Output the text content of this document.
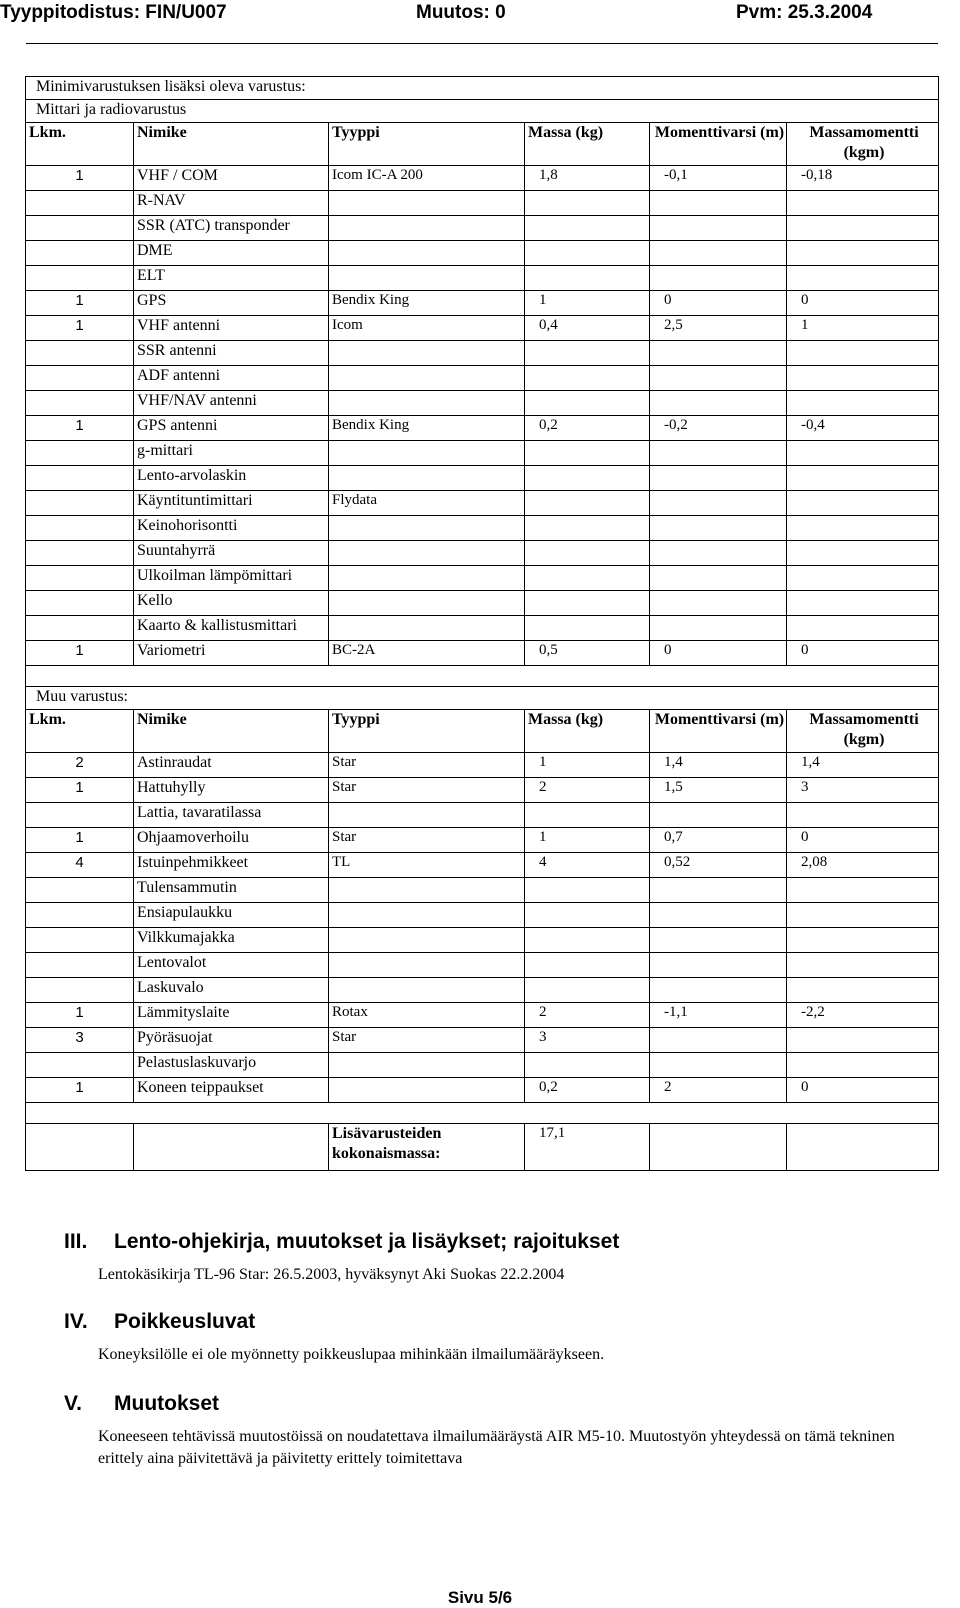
Tyyppitodistus: FIN/U007	Muutos: 0	Pvm: 25.3.2004
Minimivarustuksen lisäksi oleva varustus:					
Mittari ja radiovarustus					
Lkm.	Nimike	Tyyppi	Massa (kg)	Momenttivarsi (m)	Massamomentti (kgm)
1	VHF / COM	Icom IC-A 200	1,8	-0,1	-0,18
	R-NAV				
	SSR (ATC) transponder				
	DME				
	ELT				
1	GPS	Bendix King	1	0	0
1	VHF antenni	Icom	0,4	2,5	1
	SSR antenni				
	ADF antenni				
	VHF/NAV antenni				
1	GPS antenni	Bendix King	0,2	-0,2	-0,4
	g-mittari				
	Lento-arvolaskin				
	Käyntituntimittari	Flydata			
	Keinohorisontti				
	Suuntahyrrä				
	Ulkoilman lämpömittari				
	Kello				
	Kaarto & kallistusmittari				
1	Variometri	BC-2A	0,5	0	0

Muu varustus:					
Lkm.	Nimike	Tyyppi	Massa (kg)	Momenttivarsi (m)	Massamomentti (kgm)
2	Astinraudat	Star	1	1,4	1,4
1	Hattuhylly	Star	2	1,5	3
	Lattia, tavaratilassa				
1	Ohjaamoverhoilu	Star	1	0,7	0
4	Istuinpehmikkeet	TL	4	0,52	2,08
	Tulensammutin				
	Ensiapulaukku				
	Vilkkumajakka				
	Lentovalot				
	Laskuvalo				
1	Lämmityslaite	Rotax	2	-1,1	-2,2
3	Pyöräsuojat	Star	3		
	Pelastuslaskuvarjo				
1	Koneen teippaukset		0,2	2	0

		Lisävarusteiden kokonaismassa:	17,1		
III. Lento-ohjekirja, muutokset ja lisäykset; rajoitukset
Lentokäsikirja TL-96 Star: 26.5.2003, hyväksynyt Aki Suokas 22.2.2004
IV. Poikkeusluvat
Koneyksilölle ei ole myönnetty poikkeuslupaa mihinkään ilmailumääräykseen.
V. Muutokset
Koneeseen tehtävissä muutostöissä on noudatettava ilmailumääräystä AIR M5-10. Muutostyön yhteydessä on tämä tekninen erittely aina päivitettävä ja päivitetty erittely toimitettava
Sivu 5/6
